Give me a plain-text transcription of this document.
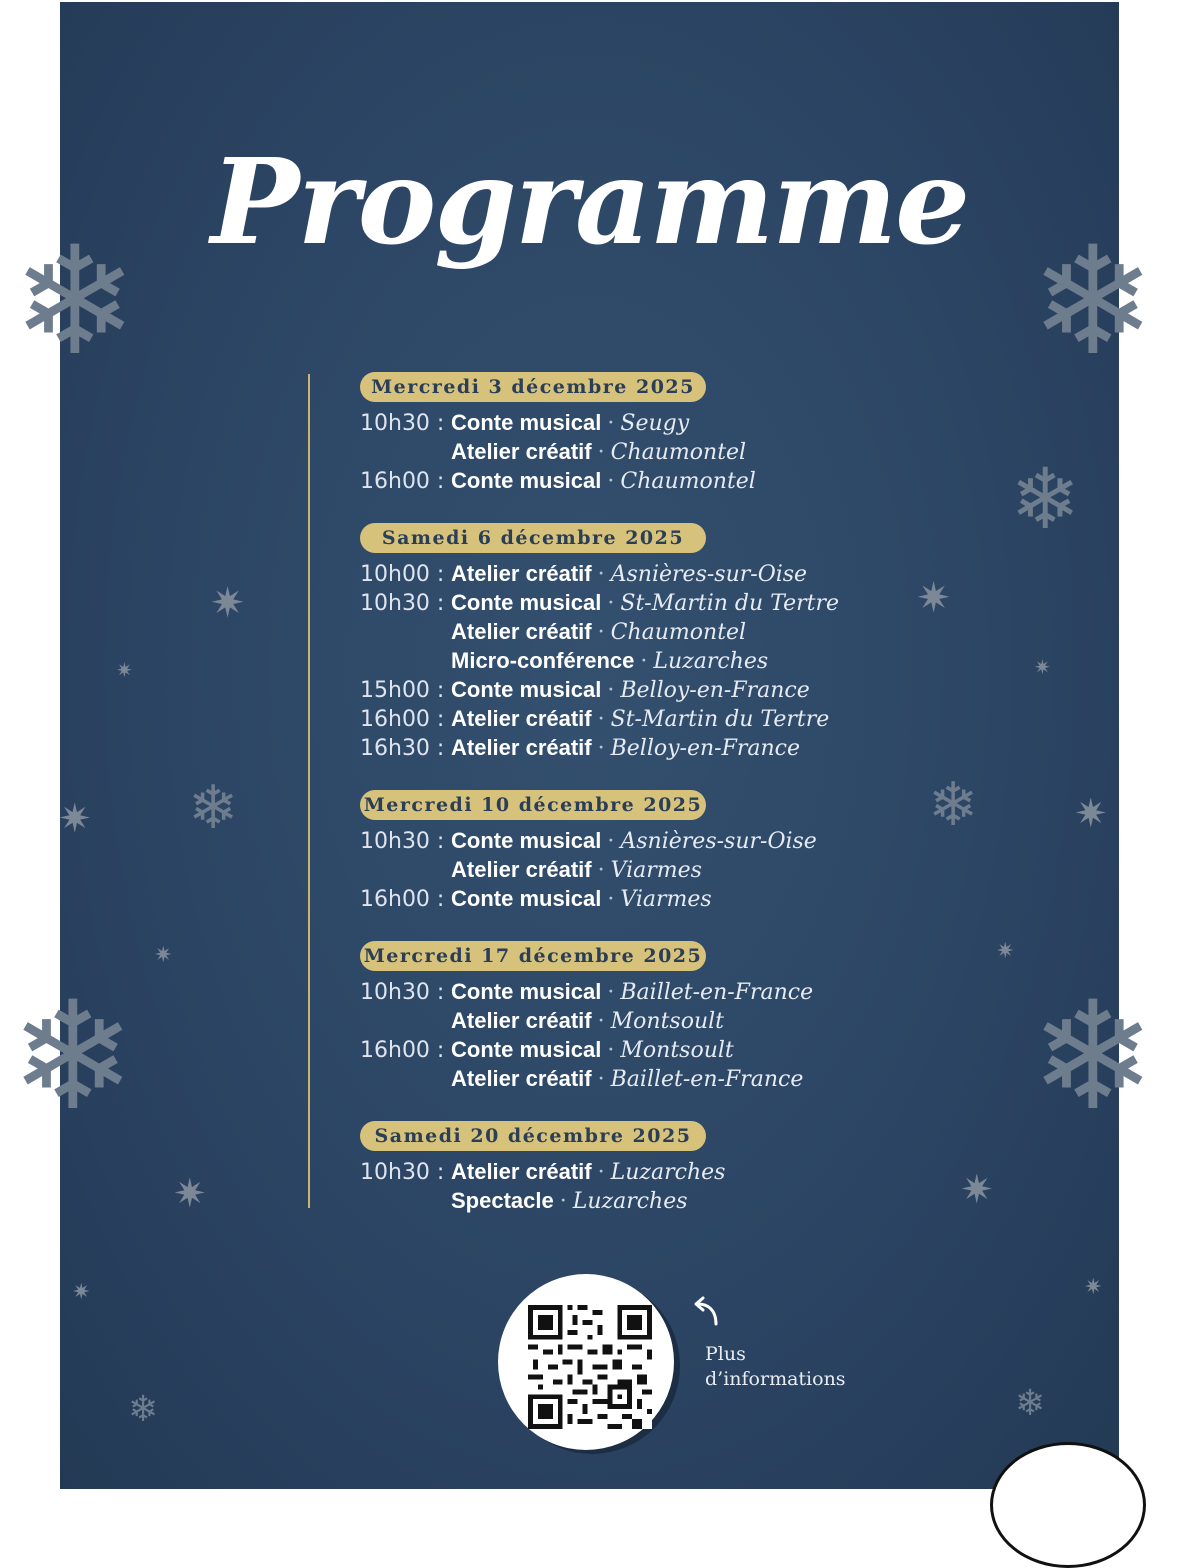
❄	❄
❄
❄	❄
❄	❄
❄	❄
✷	✷
✷	✷
✷	✷
✷	✷
✷	✷
✷	✷
Programme
Mercredi 3 décembre 2025
10h30 : Conte musical · Seugy
Atelier créatif · Chaumontel
16h00 : Conte musical · Chaumontel
Samedi 6 décembre 2025
10h00 : Atelier créatif · Asnières-sur-Oise
10h30 : Conte musical · St-Martin du Tertre
Atelier créatif · Chaumontel
Micro-conférence · Luzarches
15h00 : Conte musical · Belloy-en-France
16h00 : Atelier créatif · St-Martin du Tertre
16h30 : Atelier créatif · Belloy-en-France
Mercredi 10 décembre 2025
10h30 : Conte musical · Asnières-sur-Oise
Atelier créatif · Viarmes
16h00 : Conte musical · Viarmes
Mercredi 17 décembre 2025
10h30 : Conte musical · Baillet-en-France
Atelier créatif · Montsoult
16h00 : Conte musical · Montsoult
Atelier créatif · Baillet-en-France
Samedi 20 décembre 2025
10h30 : Atelier créatif · Luzarches
Spectacle · Luzarches
Plus
d’informations
